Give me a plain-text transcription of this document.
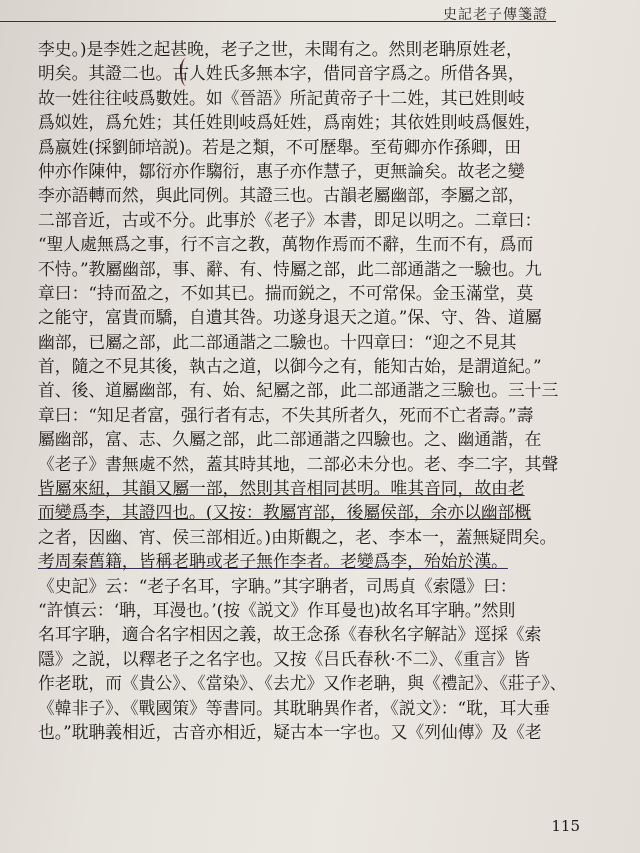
史記老子傳箋證
李史。)是李姓之起甚晚，老子之世，未聞有之。然則老聃原姓老，
明矣。其證二也。古人姓氏多無本字，借同音字爲之。所借各異，
故一姓往往岐爲數姓。如《晉語》所記黄帝子十二姓，其已姓則岐
爲姒姓，爲允姓；其任姓則岐爲妊姓，爲南姓；其依姓則岐爲偃姓，
爲嬴姓(採劉師培説)。若是之類，不可歷舉。至荀卿亦作孫卿，田
仲亦作陳仲，鄒衍亦作騶衍，惠子亦作慧子，更無論矣。故老之變
李亦語轉而然，與此同例。其證三也。古韻老屬幽部，李屬之部，
二部音近，古或不分。此事於《老子》本書，即足以明之。二章曰：
“聖人處無爲之事，行不言之教，萬物作焉而不辭，生而不有，爲而
不恃。”教屬幽部，事、辭、有、恃屬之部，此二部通諧之一驗也。九
章曰：“持而盈之，不如其已。揣而鋭之，不可常保。金玉滿堂，莫
之能守，富貴而驕，自遺其咎。功遂身退天之道。”保、守、咎、道屬
幽部，已屬之部，此二部通諧之二驗也。十四章曰：“迎之不見其
首，隨之不見其後，執古之道，以御今之有，能知古始，是謂道紀。”
首、後、道屬幽部，有、始、紀屬之部，此二部通諧之三驗也。三十三
章曰：“知足者富，强行者有志，不失其所者久，死而不亡者壽。”壽
屬幽部，富、志、久屬之部，此二部通諧之四驗也。之、幽通諧，在
《老子》書無處不然，蓋其時其地，二部必未分也。老、李二字，其聲
皆屬來紐，其韻又屬一部，然則其音相同甚明。唯其音同，故由老
而變爲李，其證四也。(又按：教屬宵部，後屬侯部，余亦以幽部概
之者，因幽、宵、侯三部相近。)由斯觀之，老、李本一，蓋無疑問矣。
考周秦舊籍，皆稱老聃或老子無作李者。老變爲李，殆始於漢。
《史記》云：“老子名耳，字聃。”其字聃者，司馬貞《索隱》曰：
“許慎云：‘聃，耳漫也。’(按《説文》作耳曼也)故名耳字聃。”然則
名耳字聃，適合名字相因之義，故王念孫《春秋名字解詁》逕採《索
隱》之説，以釋老子之名字也。又按《吕氏春秋·不二》、《重言》皆
作老耽，而《貴公》、《當染》、《去尤》又作老聃，與《禮記》、《莊子》、
《韓非子》、《戰國策》等書同。其耽聃異作者，《説文》：“耽，耳大垂
也。”耽聃義相近，古音亦相近，疑古本一字也。又《列仙傳》及《老
115
